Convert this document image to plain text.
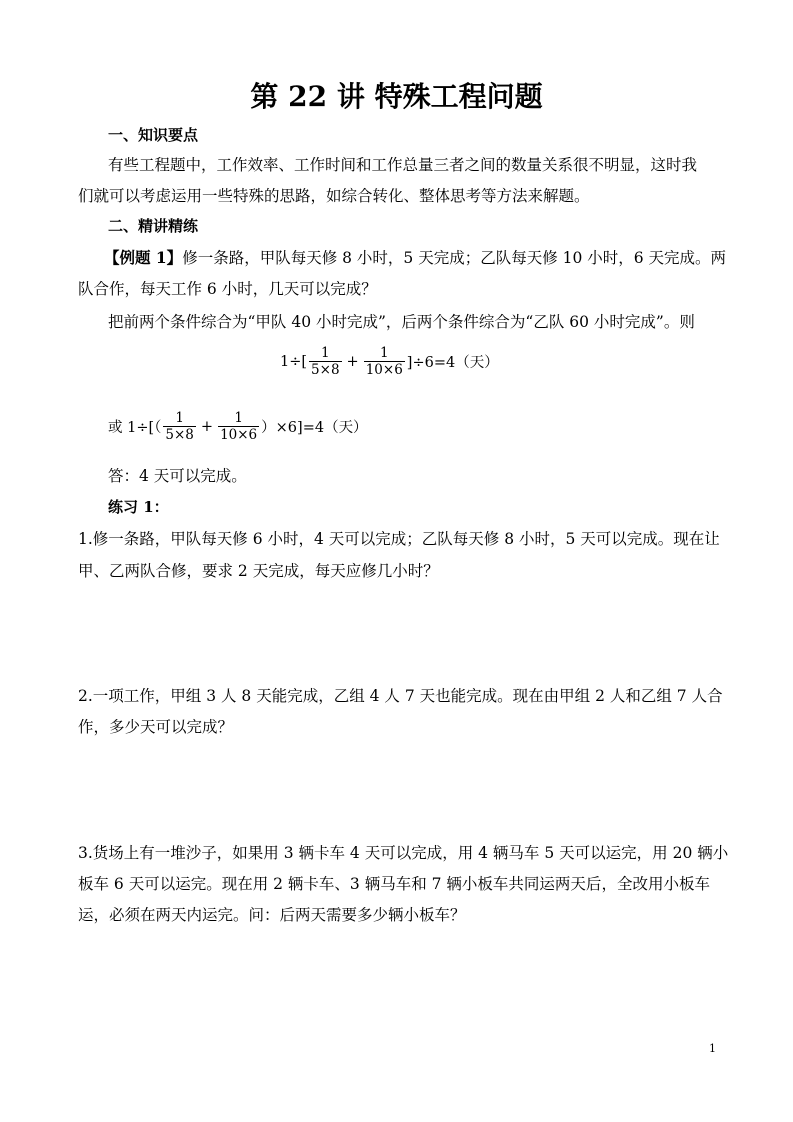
第 22 讲 特殊工程问题
一、知识要点
有些工程题中，工作效率、工作时间和工作总量三者之间的数量关系很不明显，这时我
们就可以考虑运用一些特殊的思路，如综合转化、整体思考等方法来解题。
二、精讲精练
【例题 1】修一条路，甲队每天修 8 小时，5 天完成；乙队每天修 10 小时，6 天完成。两
队合作，每天工作 6 小时，几天可以完成？
把前两个条件综合为“甲队 40 小时完成”，后两个条件综合为“乙队 60 小时完成”。则
$1\div[ \frac{1}{5\times 8} + \frac{1}{10\times 6} ]\div 6=4$（天）
或 $1\div[( \frac{1}{5\times 8} + \frac{1}{10\times 6} )\times 6]=4$（天）
答：4 天可以完成。
练习 1：
1.修一条路，甲队每天修 6 小时，4 天可以完成；乙队每天修 8 小时，5 天可以完成。现在让
甲、乙两队合修，要求 2 天完成，每天应修几小时？
2.一项工作，甲组 3 人 8 天能完成，乙组 4 人 7 天也能完成。现在由甲组 2 人和乙组 7 人合
作，多少天可以完成？
3.货场上有一堆沙子，如果用 3 辆卡车 4 天可以完成，用 4 辆马车 5 天可以运完，用 20 辆小
板车 6 天可以运完。现在用 2 辆卡车、3 辆马车和 7 辆小板车共同运两天后，全改用小板车
运，必须在两天内运完。问：后两天需要多少辆小板车？
1
